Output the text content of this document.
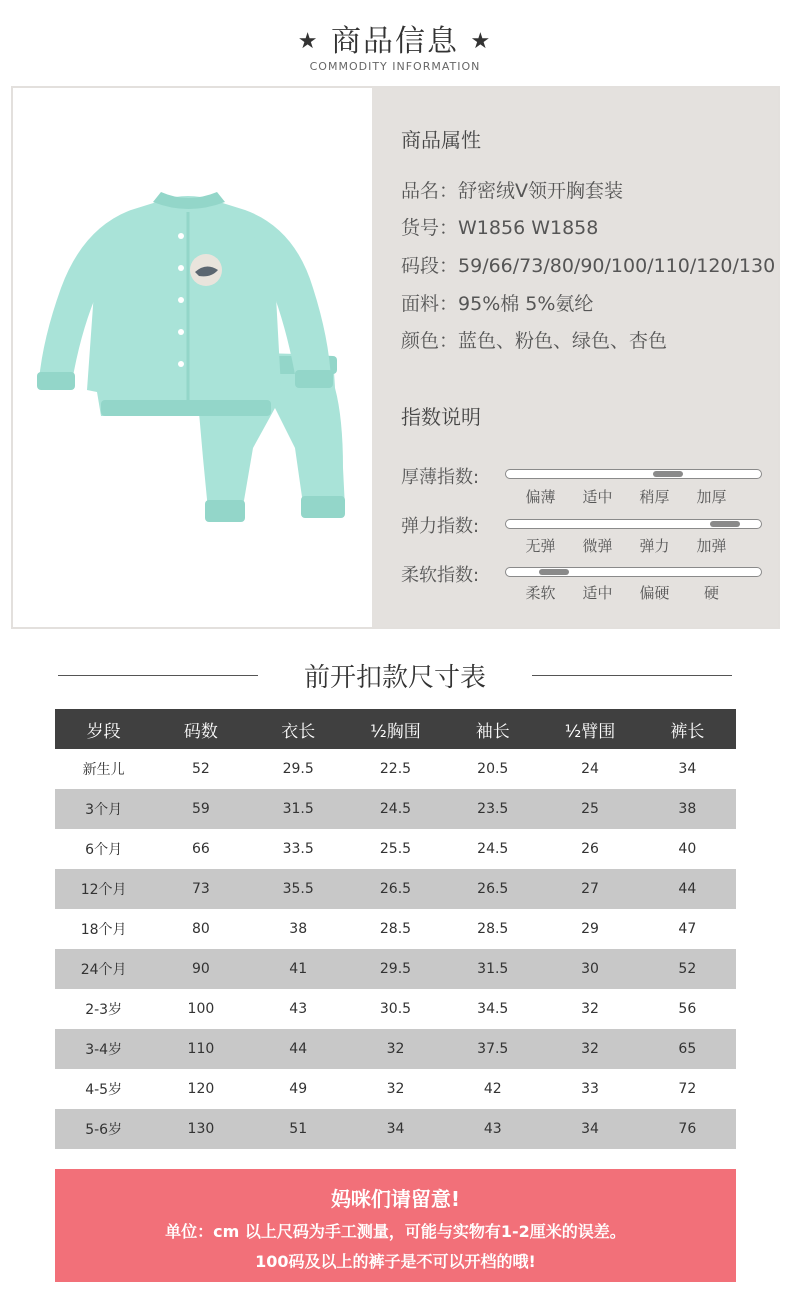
★ 商品信息 ★
COMMODITY INFORMATION
商品属性
品名：舒密绒V领开胸套装
货号：W1856 W1858
码段：59/66/73/80/90/100/110/120/130
面料：95%棉 5%氨纶
颜色：蓝色、粉色、绿色、杏色
指数说明
厚薄指数:
偏薄	适中	稍厚	加厚
弹力指数:
无弹	微弹	弹力	加弹
柔软指数:
柔软	适中	偏硬	硬
前开扣款尺寸表
岁段	码数	衣长	½胸围	袖长	½臂围	裤长
新生儿	52	29.5	22.5	20.5	24	34
3个月	59	31.5	24.5	23.5	25	38
6个月	66	33.5	25.5	24.5	26	40
12个月	73	35.5	26.5	26.5	27	44
18个月	80	38	28.5	28.5	29	47
24个月	90	41	29.5	31.5	30	52
2-3岁	100	43	30.5	34.5	32	56
3-4岁	110	44	32	37.5	32	65
4-5岁	120	49	32	42	33	72
5-6岁	130	51	34	43	34	76
妈咪们请留意!
单位：cm 以上尺码为手工测量，可能与实物有1-2厘米的误差。
100码及以上的裤子是不可以开档的哦!
